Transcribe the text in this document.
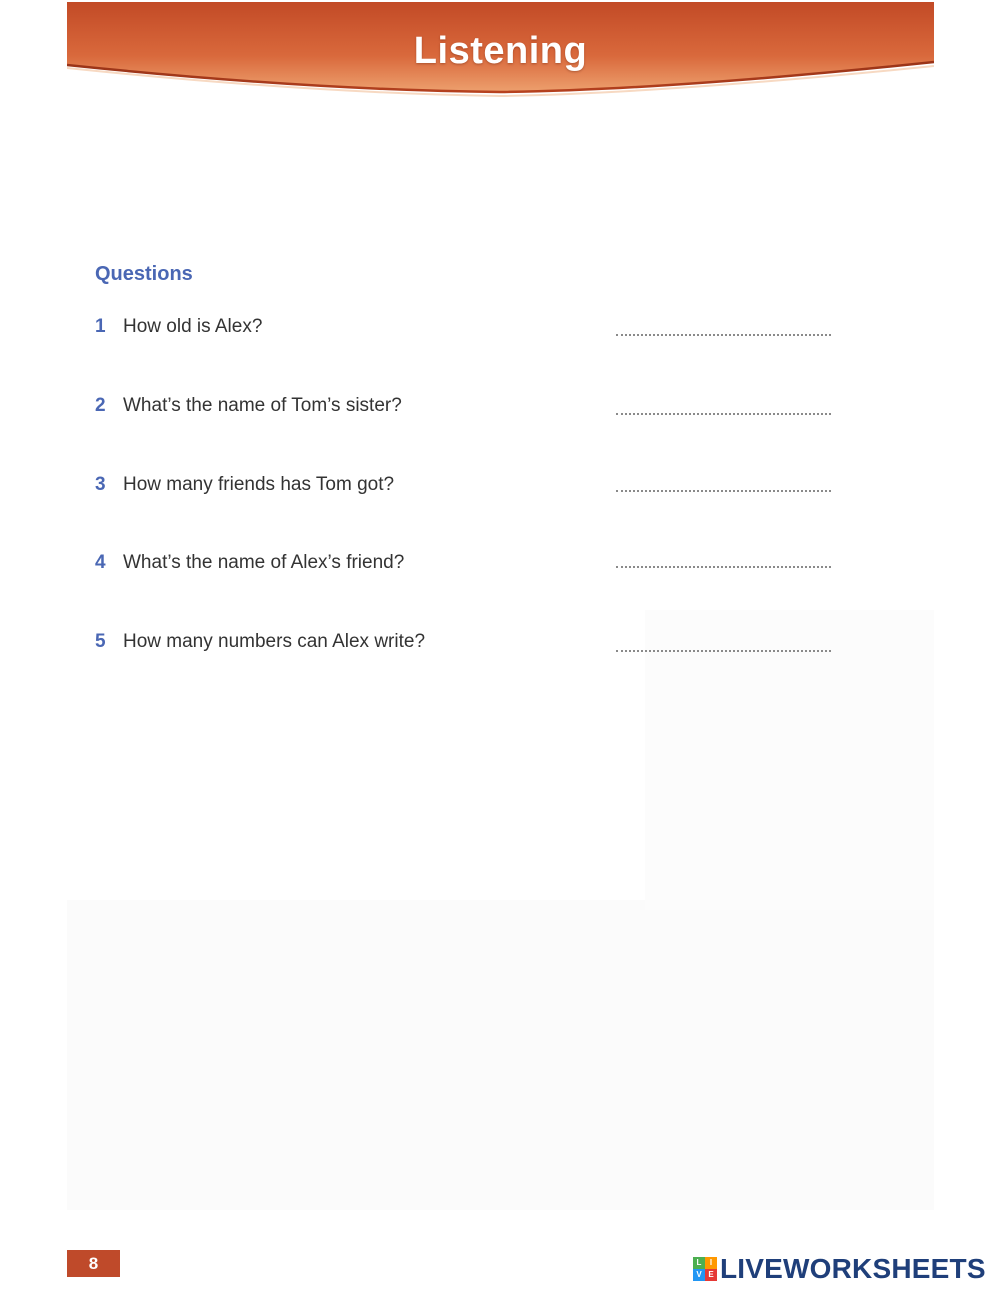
Listening
Questions
1 How old is Alex?
2 What’s the name of Tom’s sister?
3 How many friends has Tom got?
4 What’s the name of Alex’s friend?
5 How many numbers can Alex write?
8	L	I
V E LIVEWORKSHEETS
